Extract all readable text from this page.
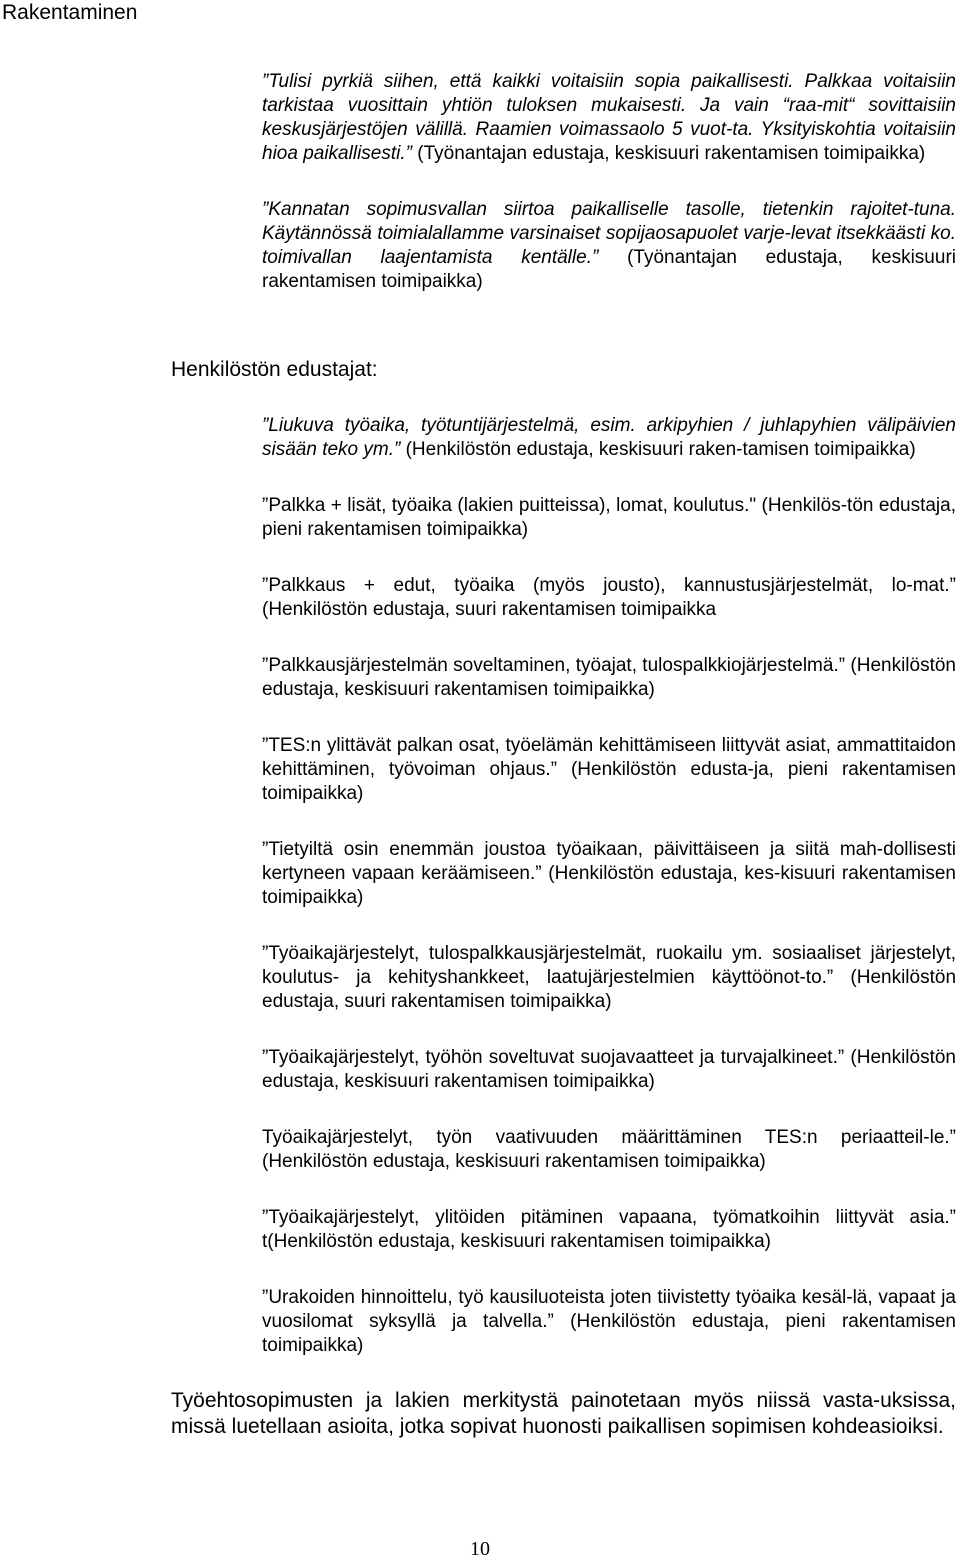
Rakentaminen

”Tulisi pyrkiä siihen, että kaikki voitaisiin sopia paikallisesti. Palkkaa voitaisiin tarkistaa vuosittain yhtiön tuloksen mukaisesti. Ja vain “raa-mit“ sovittaisiin keskusjärjestöjen välillä. Raamien voimassaolo 5 vuot-ta. Yksityiskohtia voitaisiin hioa paikallisesti.” (Työnantajan edustaja, keskisuuri rakentamisen toimipaikka)

”Kannatan sopimusvallan siirtoa paikalliselle tasolle, tietenkin rajoitet-tuna. Käytännössä toimialallamme varsinaiset sopijaosapuolet varje-levat itsekkäästi ko. toimivallan laajentamista kentälle.” (Työnantajan edustaja, keskisuuri rakentamisen toimipaikka)

Henkilöstön edustajat:

”Liukuva työaika, työtuntijärjestelmä, esim. arkipyhien / juhlapyhien välipäivien sisään teko ym.” (Henkilöstön edustaja, keskisuuri raken-tamisen toimipaikka)

”Palkka + lisät, työaika (lakien puitteissa), lomat, koulutus." (Henkilös-tön edustaja, pieni rakentamisen toimipaikka)

”Palkkaus + edut, työaika (myös jousto), kannustusjärjestelmät, lo-mat.” (Henkilöstön edustaja, suuri rakentamisen toimipaikka

”Palkkausjärjestelmän soveltaminen, työajat, tulospalkkiojärjestelmä.” (Henkilöstön edustaja, keskisuuri rakentamisen toimipaikka)

”TES:n ylittävät palkan osat, työelämän kehittämiseen liittyvät asiat, ammattitaidon kehittäminen, työvoiman ohjaus.” (Henkilöstön edusta-ja, pieni rakentamisen toimipaikka)

”Tietyiltä osin enemmän joustoa työaikaan, päivittäiseen ja siitä mah-dollisesti kertyneen vapaan keräämiseen.” (Henkilöstön edustaja, kes-kisuuri rakentamisen toimipaikka)

”Työaikajärjestelyt, tulospalkkausjärjestelmät, ruokailu ym. sosiaaliset järjestelyt, koulutus- ja kehityshankkeet, laatujärjestelmien käyttöönot-to.” (Henkilöstön edustaja, suuri rakentamisen toimipaikka)

”Työaikajärjestelyt, työhön soveltuvat suojavaatteet ja turvajalkineet.” (Henkilöstön edustaja, keskisuuri rakentamisen toimipaikka)

Työaikajärjestelyt, työn vaativuuden määrittäminen TES:n periaatteil-le.” (Henkilöstön edustaja, keskisuuri rakentamisen toimipaikka)

”Työaikajärjestelyt, ylitöiden pitäminen vapaana, työmatkoihin liittyvät asia.” t(Henkilöstön edustaja, keskisuuri rakentamisen toimipaikka)

”Urakoiden hinnoittelu, työ kausiluoteista joten tiivistetty työaika kesäl-lä, vapaat ja vuosilomat syksyllä ja talvella.” (Henkilöstön edustaja, pieni rakentamisen toimipaikka)

Työehtosopimusten ja lakien merkitystä painotetaan myös niissä vasta-uksissa, missä luetellaan asioita, jotka sopivat huonosti paikallisen sopimisen kohdeasioiksi.
10
